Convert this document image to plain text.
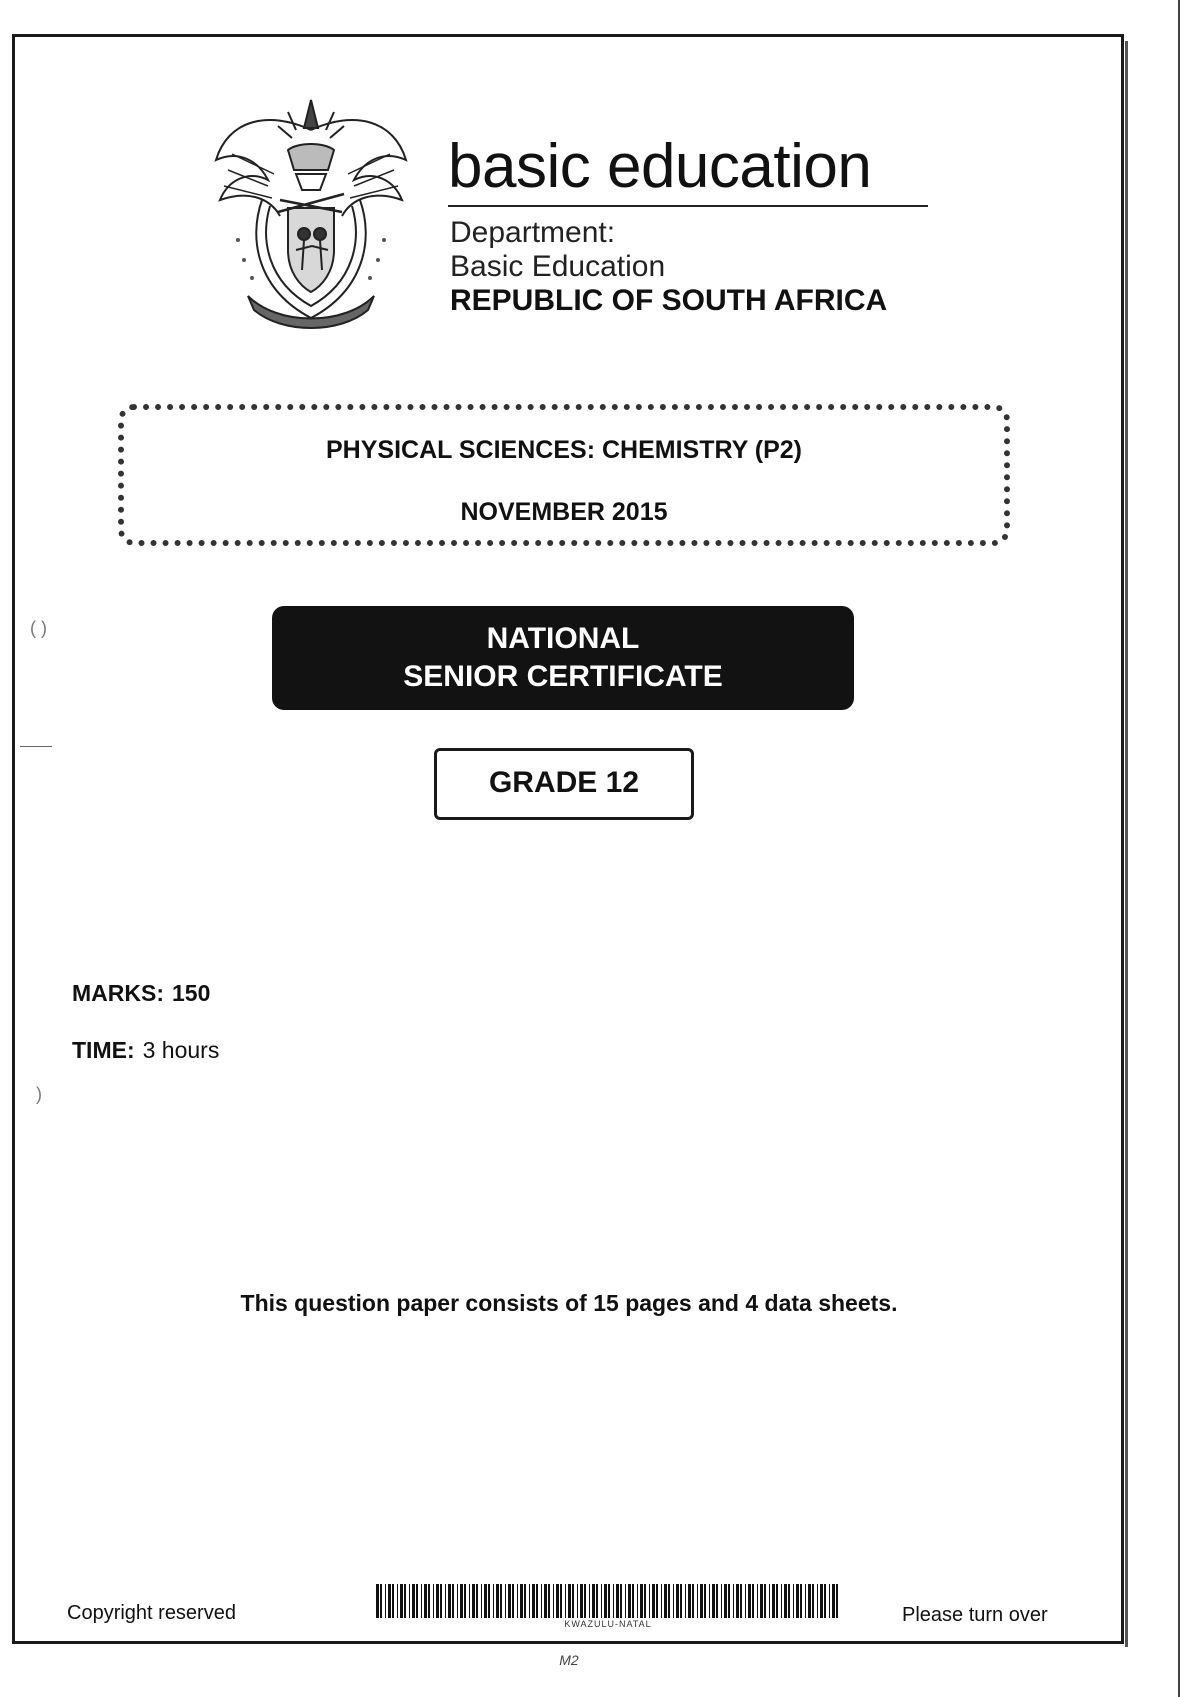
basic education
Department:
Basic Education
REPUBLIC OF SOUTH AFRICA
PHYSICAL SCIENCES: CHEMISTRY (P2)
NOVEMBER 2015
NATIONAL
SENIOR CERTIFICATE
GRADE 12
MARKS: 150
TIME: 3 hours
This question paper consists of 15 pages and 4 data sheets.
Copyright reserved	KWAZULU-NATAL	Please turn over
M2
( )
)
